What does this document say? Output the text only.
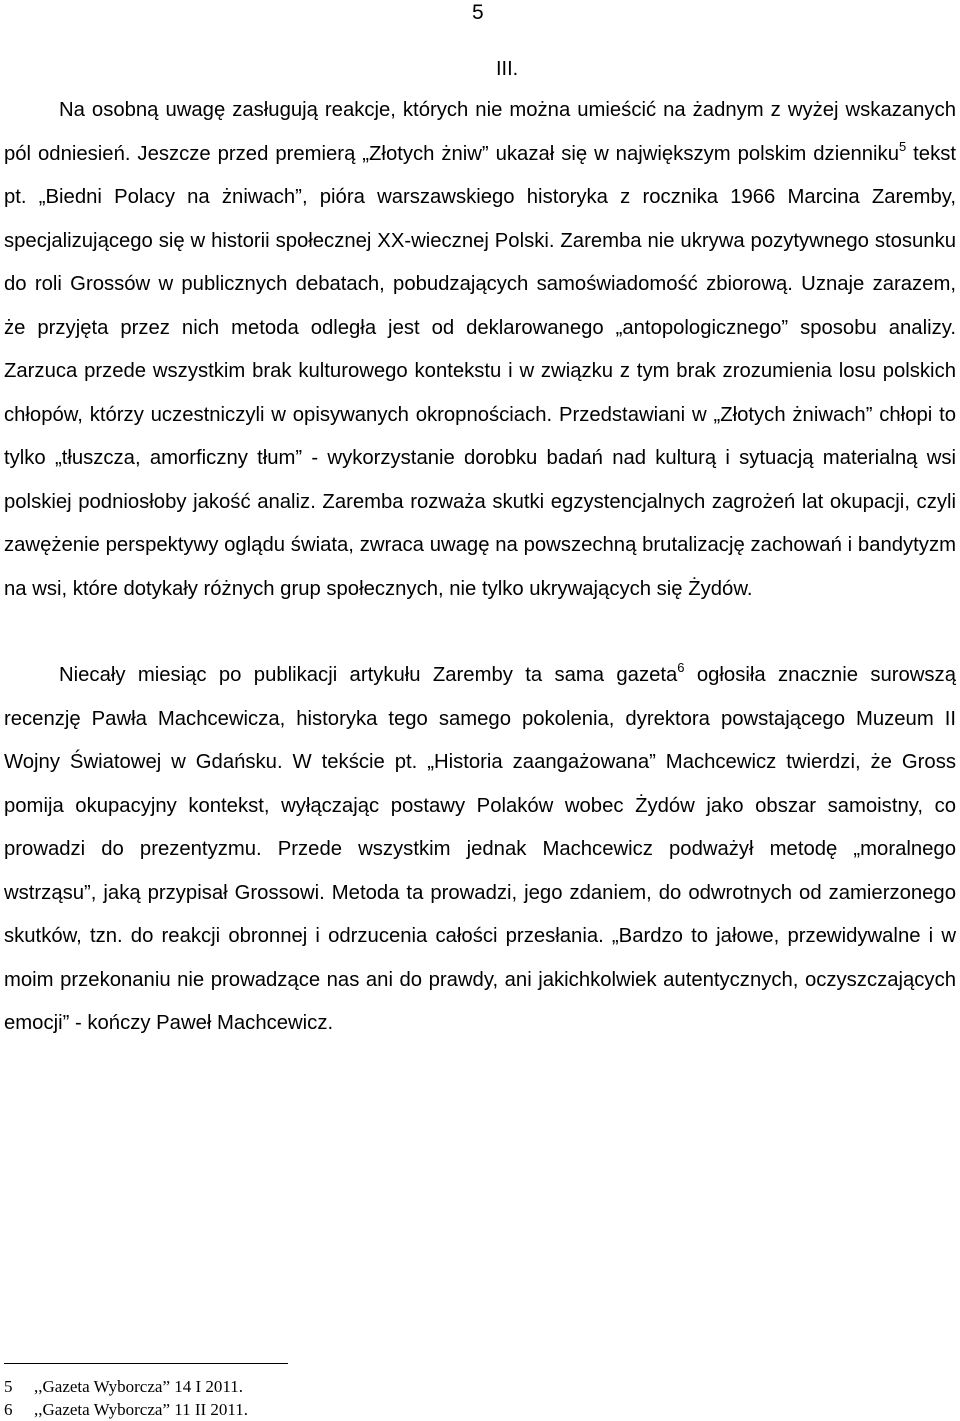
5
III.

Na osobną uwagę zasługują reakcje, których nie można umieścić na żadnym z wyżej wskazanych pól odniesień. Jeszcze przed premierą „Złotych żniw” ukazał się w największym polskim dzienniku$^5$ tekst pt. „Biedni Polacy na żniwach”, pióra warszawskiego historyka z rocznika 1966 Marcina Zaremby, specjalizującego się w historii społecznej XX-wiecznej Polski. Zaremba nie ukrywa pozytywnego stosunku do roli Grossów w publicznych debatach, pobudzających samoświadomość zbiorową. Uznaje zarazem, że przyjęta przez nich metoda odległa jest od deklarowanego „antopologicznego” sposobu analizy. Zarzuca przede wszystkim brak kulturowego kontekstu i w związku z tym brak zrozumienia losu polskich chłopów, którzy uczestniczyli w opisywanych okropnościach. Przedstawiani w „Złotych żniwach” chłopi to tylko „tłuszcza, amorficzny tłum” - wykorzystanie dorobku badań nad kulturą i sytuacją materialną wsi polskiej podniosłoby jakość analiz. Zaremba rozważa skutki egzystencjalnych zagrożeń lat okupacji, czyli zawężenie perspektywy oglądu świata, zwraca uwagę na powszechną brutalizację zachowań i bandytyzm na wsi, które dotykały różnych grup społecznych, nie tylko ukrywających się Żydów.

Niecały miesiąc po publikacji artykułu Zaremby ta sama gazeta$^6$ ogłosiła znacznie surowszą recenzję Pawła Machcewicza, historyka tego samego pokolenia, dyrektora powstającego Muzeum II Wojny Światowej w Gdańsku. W tekście pt. „Historia zaangażowana” Machcewicz twierdzi, że Gross pomija okupacyjny kontekst, wyłączając postawy Polaków wobec Żydów jako obszar samoistny, co prowadzi do prezentyzmu. Przede wszystkim jednak Machcewicz podważył metodę „moralnego wstrząsu”, jaką przypisał Grossowi. Metoda ta prowadzi, jego zdaniem, do odwrotnych od zamierzonego skutków, tzn. do reakcji obronnej i odrzucenia całości przesłania. „Bardzo to jałowe, przewidywalne i w moim przekonaniu nie prowadzące nas ani do prawdy, ani jakichkolwiek autentycznych, oczyszczających emocji” - kończy Paweł Machcewicz.

5 ,,Gazeta Wyborcza” 14 I 2011.
6 ,,Gazeta Wyborcza” 11 II 2011.
